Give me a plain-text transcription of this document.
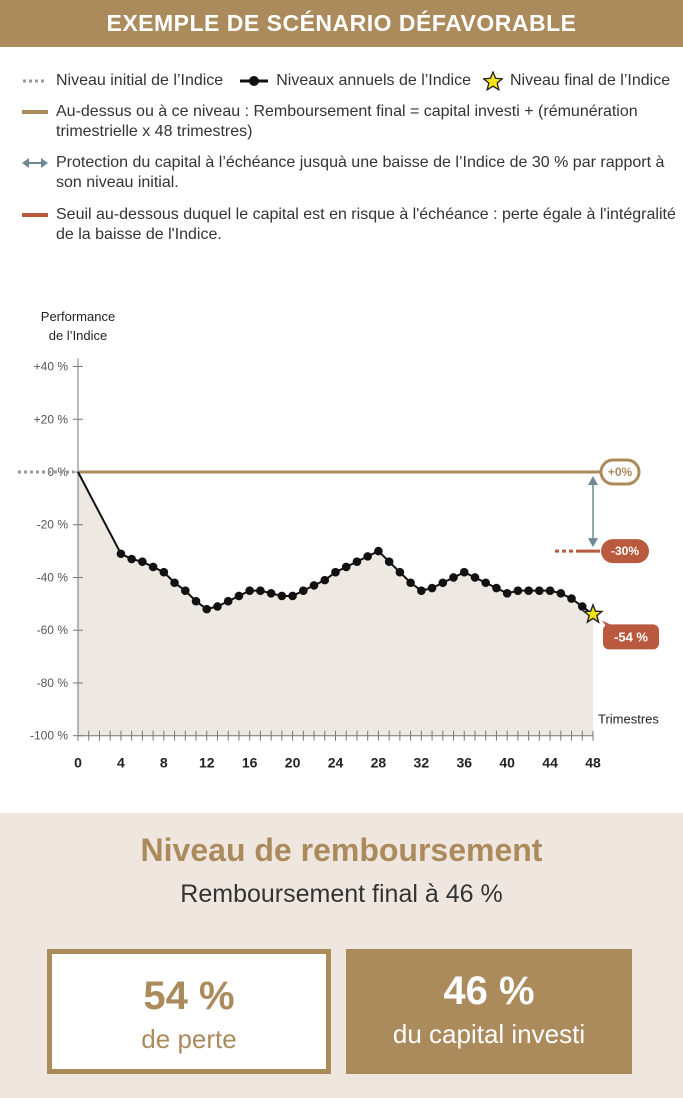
EXEMPLE DE SCÉNARIO DÉFAVORABLE
Niveau initial de l’Indice	Niveaux annuels de l’Indice Niveau final de l’Indice
Au-dessus ou à ce niveau : Remboursement final = capital investi + (rémunération
trimestrielle x 48 trimestres)
Protection du capital à l’échéance jusquà une baisse de l’Indice de 30 % par rapport à
son niveau initial.
Seuil au-dessous duquel le capital est en risque à l'échéance : perte égale à l'intégralité
de la baisse de l'Indice.
+40 %
+20 %
0 %
-20 %
-40 %
-60 %
-80 %
-100 %
Performance
de l’Indice
0	4	8 12 16 20 24 28 32 36 40 44 48
Trimestres
+0%
-30%
-54 %
Niveau de remboursement
Remboursement final à 46 %
54 %
de perte
46 %
du capital investi
